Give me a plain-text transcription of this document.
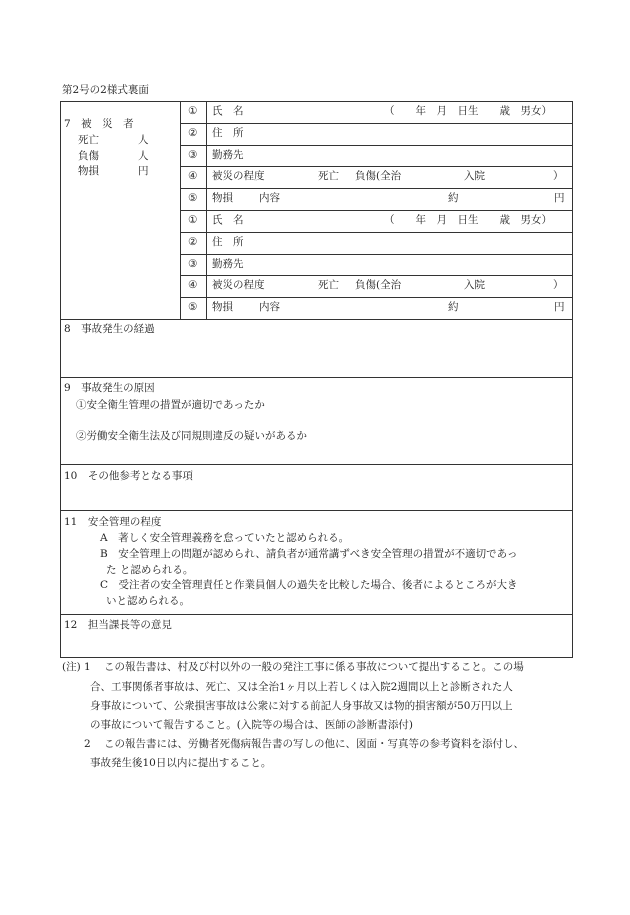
第2号の2様式裏面
7　被　災　者
死亡	人
負傷	人
物損	円
① 氏　名	（　　年　月　日生　　歳　男女）
② 住　所
③ 勤務先
④ 被災の程度	死亡 負傷(全治	入院	）
⑤ 物損 内容	約	円
① 氏　名	（　　年　月　日生　　歳　男女）
② 住　所
③ 勤務先
④ 被災の程度	死亡 負傷(全治	入院	）
⑤ 物損 内容	約	円
8　事故発生の経過
9　事故発生の原因
①安全衛生管理の措置が適切であったか
②労働安全衛生法及び同規則違反の疑いがあるか
10　その他参考となる事項
11　安全管理の程度
A　著しく安全管理義務を怠っていたと認められる。
B　安全管理上の問題が認められ、請負者が通常講ずべき安全管理の措置が不適切であっ
た と認められる。
C　受注者の安全管理責任と作業員個人の過失を比較した場合、後者によるところが大き
いと認められる。
12　担当課長等の意見
(注) 1 この報告書は、村及び村以外の一般の発注工事に係る事故について提出すること。この場
合、工事関係者事故は、死亡、又は全治1ヶ月以上若しくは入院2週間以上と診断された人
身事故について、公衆損害事故は公衆に対する前記人身事故又は物的損害額が50万円以上
の事故について報告すること。(入院等の場合は、医師の診断書添付)
2 この報告書には、労働者死傷病報告書の写しの他に、図面・写真等の参考資料を添付し、
事故発生後10日以内に提出すること。
